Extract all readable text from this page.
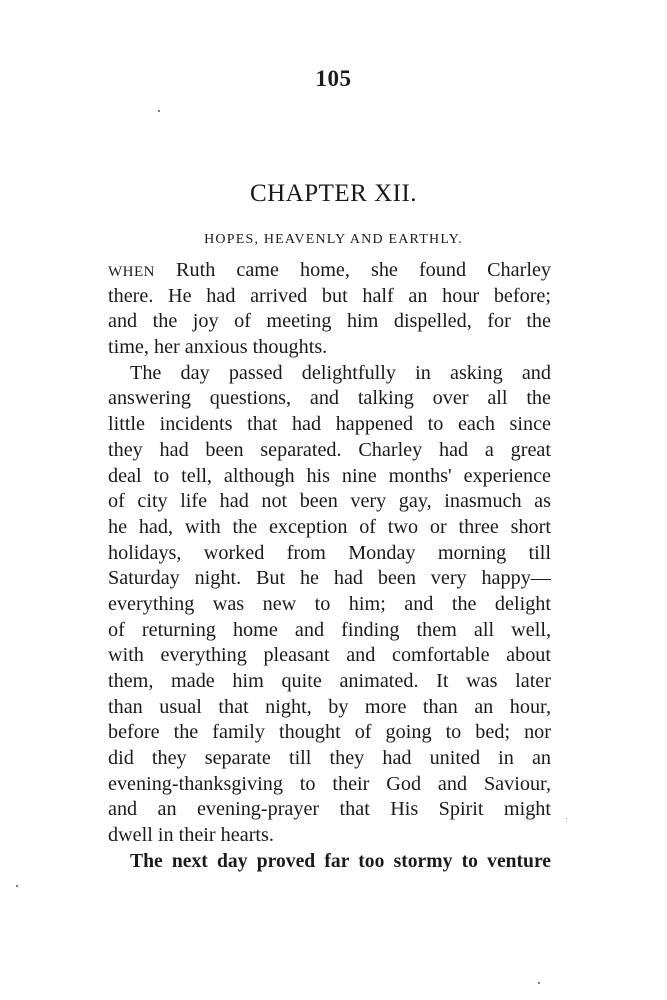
105
CHAPTER XII.
HOPES, HEAVENLY AND EARTHLY.
WHEN Ruth came home, she found Charley
there. He had arrived but half an hour before;
and the joy of meeting him dispelled, for the
time, her anxious thoughts.
The day passed delightfully in asking and
answering questions, and talking over all the
little incidents that had happened to each since
they had been separated. Charley had a great
deal to tell, although his nine months' experience
of city life had not been very gay, inasmuch as
he had, with the exception of two or three short
holidays, worked from Monday morning till
Saturday night. But he had been very happy—
everything was new to him; and the delight
of returning home and finding them all well,
with everything pleasant and comfortable about
them, made him quite animated. It was later
than usual that night, by more than an hour,
before the family thought of going to bed; nor
did they separate till they had united in an
evening-thanksgiving to their God and Saviour,
and an evening-prayer that His Spirit might
dwell in their hearts.
The next day proved far too stormy to venture
